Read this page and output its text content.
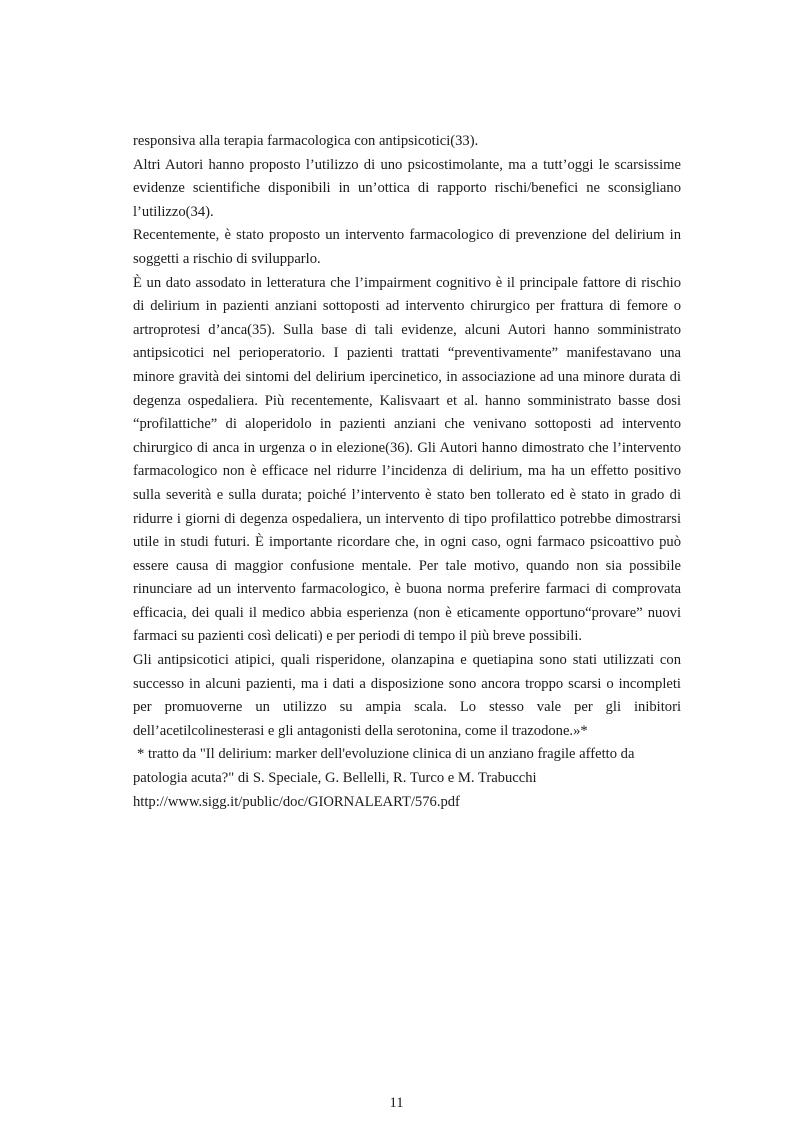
responsiva alla terapia farmacologica con antipsicotici(33).

Altri Autori hanno proposto l’utilizzo di uno psicostimolante, ma a tutt’oggi le scarsissime evidenze scientifiche disponibili in un’ottica di rapporto rischi/benefici ne sconsigliano l’utilizzo(34).

Recentemente, è stato proposto un intervento farmacologico di prevenzione del delirium in soggetti a rischio di svilupparlo.

È un dato assodato in letteratura che l’impairment cognitivo è il principale fattore di rischio di delirium in pazienti anziani sottoposti ad intervento chirurgico per frattura di femore o artroprotesi d’anca(35). Sulla base di tali evidenze, alcuni Autori hanno somministrato antipsicotici nel perioperatorio. I pazienti trattati “preventivamente” manifestavano una minore gravità dei sintomi del delirium ipercinetico, in associazione ad una minore durata di degenza ospedaliera. Più recentemente, Kalisvaart et al. hanno somministrato basse dosi “profilattiche” di aloperidolo in pazienti anziani che venivano sottoposti ad intervento chirurgico di anca in urgenza o in elezione(36). Gli Autori hanno dimostrato che l’intervento farmacologico non è efficace nel ridurre l’incidenza di delirium, ma ha un effetto positivo sulla severità e sulla durata; poiché l’intervento è stato ben tollerato ed è stato in grado di ridurre i giorni di degenza ospedaliera, un intervento di tipo profilattico potrebbe dimostrarsi utile in studi futuri. È importante ricordare che, in ogni caso, ogni farmaco psicoattivo può essere causa di maggior confusione mentale. Per tale motivo, quando non sia possibile rinunciare ad un intervento farmacologico, è buona norma preferire farmaci di comprovata efficacia, dei quali il medico abbia esperienza (non è eticamente opportuno“provare” nuovi farmaci su pazienti così delicati) e per periodi di tempo il più breve possibili.

Gli antipsicotici atipici, quali risperidone, olanzapina e quetiapina sono stati utilizzati con successo in alcuni pazienti, ma i dati a disposizione sono ancora troppo scarsi o incompleti per promuoverne un utilizzo su ampia scala. Lo stesso vale per gli inibitori dell’acetilcolinesterasi e gli antagonisti della serotonina, come il trazodone.»*

* tratto da "Il delirium: marker dell'evoluzione clinica di un anziano fragile affetto da

patologia acuta?" di S. Speciale, G. Bellelli, R. Turco e M. Trabucchi

http://www.sigg.it/public/doc/GIORNALEART/576.pdf

11
